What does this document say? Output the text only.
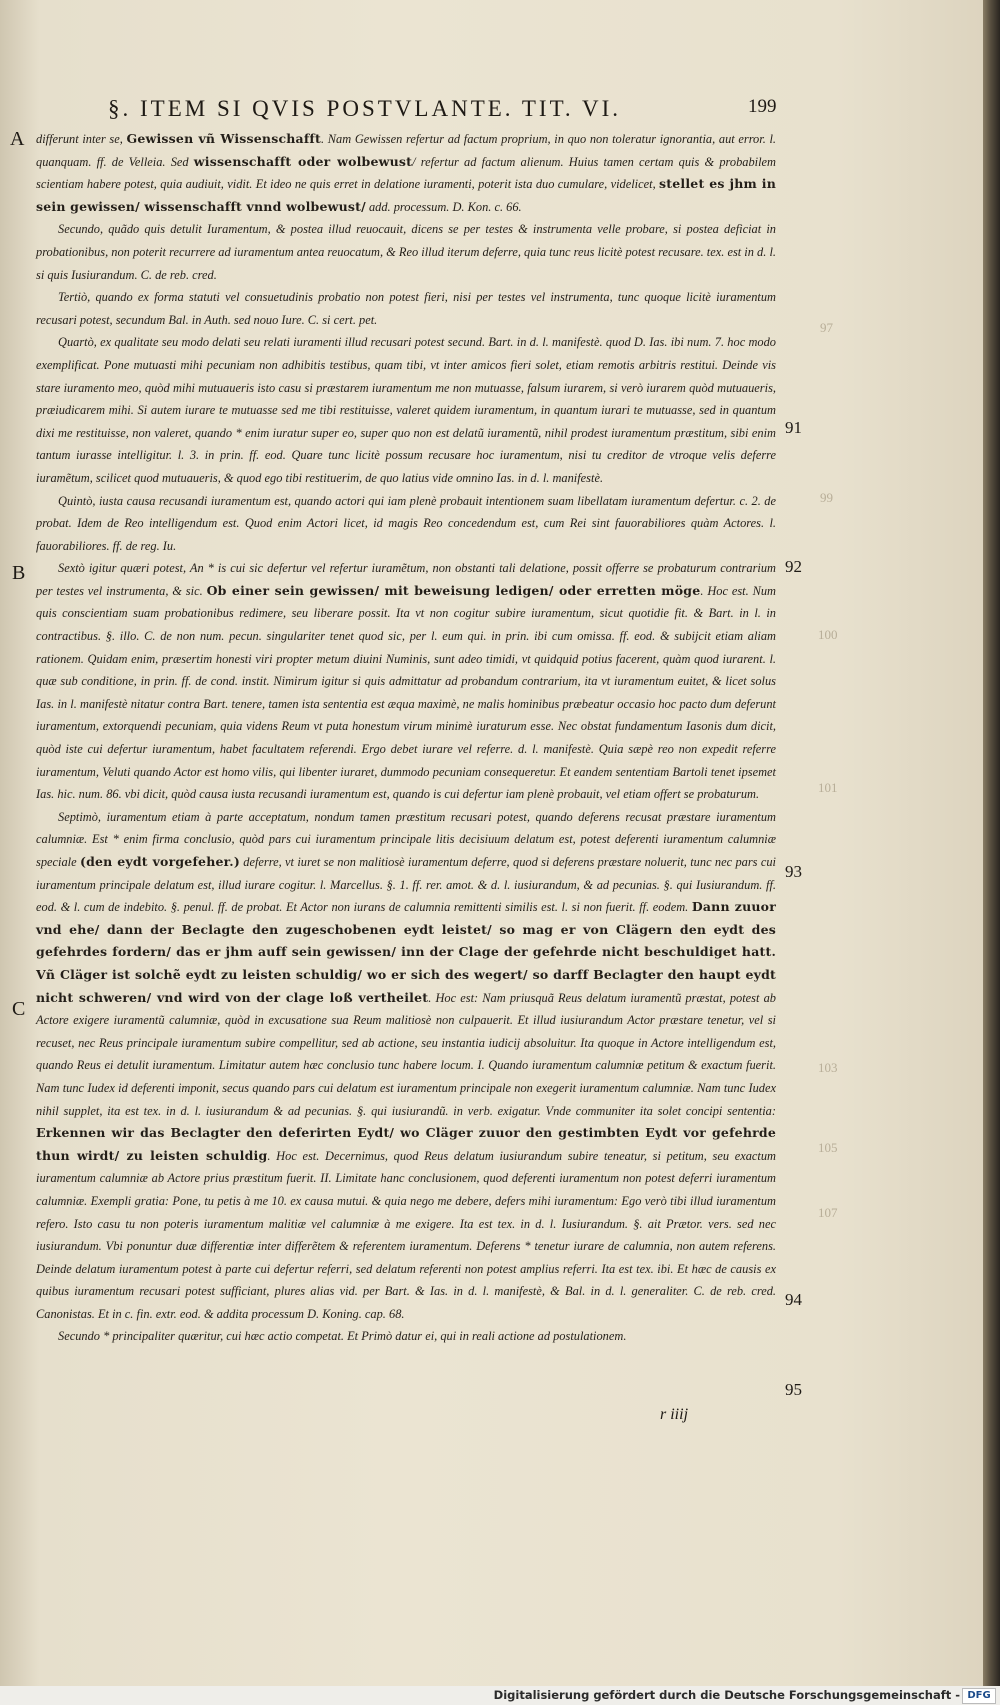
§. ITEM SI QVIS POSTVLANTE. TIT. VI.	199
A
B
C
91
92
93
94
95
97
99
100
101
103
105
107

differunt inter se, Gewissen vñ Wissenschafft. Nam Gewissen refertur ad factum proprium, in quo non toleratur ignorantia, aut error. l. quanquam. ff. de Velleia. Sed wissenschafft oder wolbewust/ refertur ad factum alienum. Huius tamen certam quis & probabilem scientiam habere potest, quia audiuit, vidit. Et ideo ne quis erret in delatione iuramenti, poterit ista duo cumulare, videlicet, stellet es jhm in sein gewissen/ wissenschafft vnnd wolbewust/ add. processum. D. Kon. c. 66.

Secundo, quãdo quis detulit Iuramentum, & postea illud reuocauit, dicens se per testes & instrumenta velle probare, si postea deficiat in probationibus, non poterit recurrere ad iuramentum antea reuocatum, & Reo illud iterum deferre, quia tunc reus licitè potest recusare. tex. est in d. l. si quis Iusiurandum. C. de reb. cred.

Tertiò, quando ex forma statuti vel consuetudinis probatio non potest fieri, nisi per testes vel instrumenta, tunc quoque licitè iuramentum recusari potest, secundum Bal. in Auth. sed nouo Iure. C. si cert. pet.

Quartò, ex qualitate seu modo delati seu relati iuramenti illud recusari potest secund. Bart. in d. l. manifestè. quod D. Ias. ibi num. 7. hoc modo exemplificat. Pone mutuasti mihi pecuniam non adhibitis testibus, quam tibi, vt inter amicos fieri solet, etiam remotis arbitris restitui. Deinde vis stare iuramento meo, quòd mihi mutuaueris isto casu si præstarem iuramentum me non mutuasse, falsum iurarem, si verò iurarem quòd mutuaueris, præiudicarem mihi. Si autem iurare te mutuasse sed me tibi restituisse, valeret quidem iuramentum, in quantum iurari te mutuasse, sed in quantum dixi me restituisse, non valeret, quando * enim iuratur super eo, super quo non est delatũ iuramentũ, nihil prodest iuramentum præstitum, sibi enim tantum iurasse intelligitur. l. 3. in prin. ff. eod. Quare tunc licitè possum recusare hoc iuramentum, nisi tu creditor de vtroque velis deferre iuramẽtum, scilicet quod mutuaueris, & quod ego tibi restituerim, de quo latius vide omnino Ias. in d. l. manifestè.

Quintò, iusta causa recusandi iuramentum est, quando actori qui iam plenè probauit intentionem suam libellatam iuramentum defertur. c. 2. de probat. Idem de Reo intelligendum est. Quod enim Actori licet, id magis Reo concedendum est, cum Rei sint fauorabiliores quàm Actores. l. fauorabiliores. ff. de reg. Iu.

Sextò igitur quæri potest, An * is cui sic defertur vel refertur iuramẽtum, non obstanti tali delatione, possit offerre se probaturum contrarium per testes vel instrumenta, & sic. Ob einer sein gewissen/ mit beweisung ledigen/ oder erretten möge. Hoc est. Num quis conscientiam suam probationibus redimere, seu liberare possit. Ita vt non cogitur subire iuramentum, sicut quotidie fit. & Bart. in l. in contractibus. §. illo. C. de non num. pecun. singulariter tenet quod sic, per l. eum qui. in prin. ibi cum omissa. ff. eod. & subijcit etiam aliam rationem. Quidam enim, præsertim honesti viri propter metum diuini Numinis, sunt adeo timidi, vt quidquid potius facerent, quàm quod iurarent. l. quæ sub conditione, in prin. ff. de cond. instit. Nimirum igitur si quis admittatur ad probandum contrarium, ita vt iuramentum euitet, & licet solus Ias. in l. manifestè nitatur contra Bart. tenere, tamen ista sententia est æqua maximè, ne malis hominibus præbeatur occasio hoc pacto dum deferunt iuramentum, extorquendi pecuniam, quia videns Reum vt puta honestum virum minimè iuraturum esse. Nec obstat fundamentum Iasonis dum dicit, quòd iste cui defertur iuramentum, habet facultatem referendi. Ergo debet iurare vel referre. d. l. manifestè. Quia sæpè reo non expedit referre iuramentum, Veluti quando Actor est homo vilis, qui libenter iuraret, dummodo pecuniam consequeretur. Et eandem sententiam Bartoli tenet ipsemet Ias. hic. num. 86. vbi dicit, quòd causa iusta recusandi iuramentum est, quando is cui defertur iam plenè probauit, vel etiam offert se probaturum.

Septimò, iuramentum etiam à parte acceptatum, nondum tamen præstitum recusari potest, quando deferens recusat præstare iuramentum calumniæ. Est * enim firma conclusio, quòd pars cui iuramentum principale litis decisiuum delatum est, potest deferenti iuramentum calumniæ speciale (den eydt vorgefeher.) deferre, vt iuret se non malitiosè iuramentum deferre, quod si deferens præstare noluerit, tunc nec pars cui iuramentum principale delatum est, illud iurare cogitur. l. Marcellus. §. 1. ff. rer. amot. & d. l. iusiurandum, & ad pecunias. §. qui Iusiurandum. ff. eod. & l. cum de indebito. §. penul. ff. de probat. Et Actor non iurans de calumnia remittenti similis est. l. si non fuerit. ff. eodem. Dann zuuor vnd ehe/ dann der Beclagte den zugeschobenen eydt leistet/ so mag er von Clägern den eydt des gefehrdes fordern/ das er jhm auff sein gewissen/ inn der Clage der gefehrde nicht beschuldiget hatt. Vñ Cläger ist solchẽ eydt zu leisten schuldig/ wo er sich des wegert/ so darff Beclagter den haupt eydt nicht schweren/ vnd wird von der clage loß vertheilet. Hoc est: Nam priusquã Reus delatum iuramentũ præstat, potest ab Actore exigere iuramentũ calumniæ, quòd in excusatione sua Reum malitiosè non culpauerit. Et illud iusiurandum Actor præstare tenetur, vel si recuset, nec Reus principale iuramentum subire compellitur, sed ab actione, seu instantia iudicij absoluitur. Ita quoque in Actore intelligendum est, quando Reus ei detulit iuramentum. Limitatur autem hæc conclusio tunc habere locum. I. Quando iuramentum calumniæ petitum & exactum fuerit. Nam tunc Iudex id deferenti imponit, secus quando pars cui delatum est iuramentum principale non exegerit iuramentum calumniæ. Nam tunc Iudex nihil supplet, ita est tex. in d. l. iusiurandum & ad pecunias. §. qui iusiurandũ. in verb. exigatur. Vnde communiter ita solet concipi sententia: Erkennen wir das Beclagter den deferirten Eydt/ wo Cläger zuuor den gestimbten Eydt vor gefehrde thun wirdt/ zu leisten schuldig. Hoc est. Decernimus, quod Reus delatum iusiurandum subire teneatur, si petitum, seu exactum iuramentum calumniæ ab Actore prius præstitum fuerit. II. Limitate hanc conclusionem, quod deferenti iuramentum non potest deferri iuramentum calumniæ. Exempli gratia: Pone, tu petis à me 10. ex causa mutui. & quia nego me debere, defers mihi iuramentum: Ego verò tibi illud iuramentum refero. Isto casu tu non poteris iuramentum malitiæ vel calumniæ à me exigere. Ita est tex. in d. l. Iusiurandum. §. ait Prætor. vers. sed nec iusiurandum. Vbi ponuntur duæ differentiæ inter differẽtem & referentem iuramentum. Deferens * tenetur iurare de calumnia, non autem referens. Deinde delatum iuramentum potest à parte cui defertur referri, sed delatum referenti non potest amplius referri. Ita est tex. ibi. Et hæc de causis ex quibus iuramentum recusari potest sufficiant, plures alias vid. per Bart. & Ias. in d. l. manifestè, & Bal. in d. l. generaliter. C. de reb. cred. Canonistas. Et in c. fin. extr. eod. & addita processum D. Koning. cap. 68.

Secundo * principaliter quæritur, cui hæc actio competat. Et Primò datur ei, qui in reali actione ad postulationem.

r iiij
Digitalisierung gefördert durch die Deutsche Forschungsgemeinschaft - DFG
